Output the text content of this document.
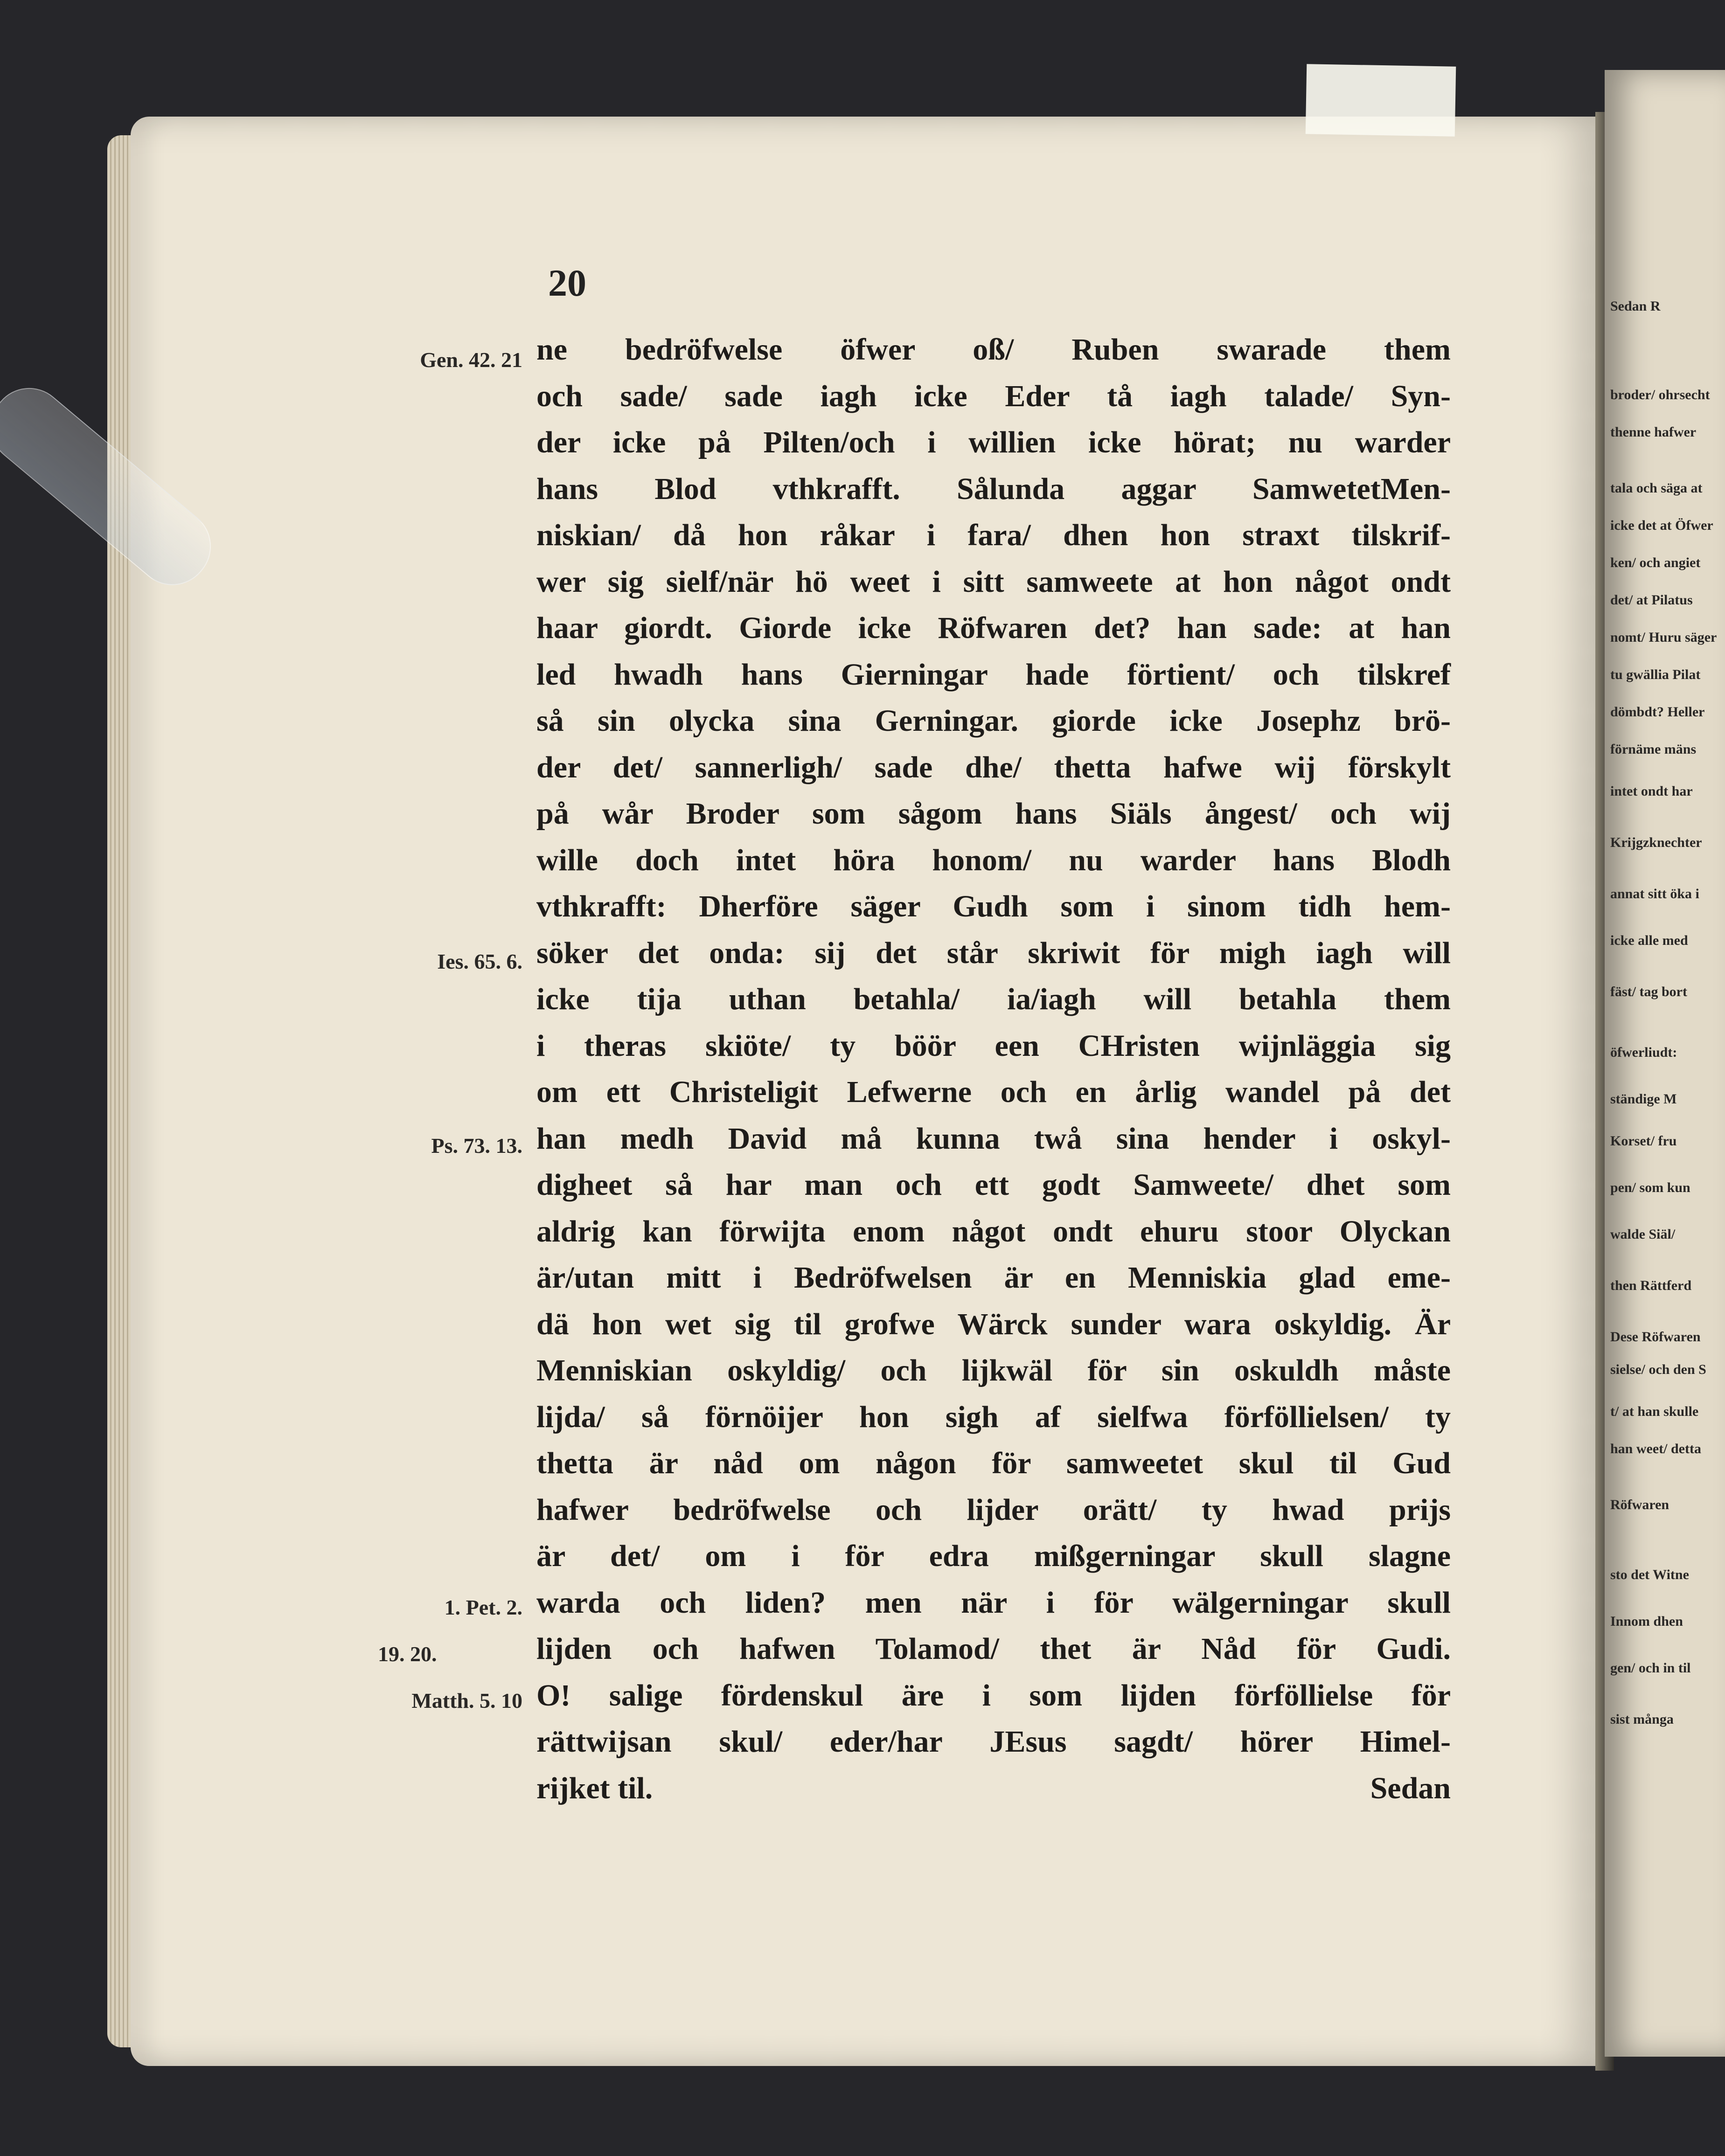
20
Gen. 42. 21
Ies. 65. 6.
Ps. 73. 13.
1. Pet. 2.
19. 20.
Matth. 5. 10
ne bedröfwelse öfwer oß/ Ruben swarade them
och sade/ sade iagh icke Eder tå iagh talade/ Syn-
der icke på Pilten/och i willien icke hörat; nu warder
hans Blod vthkrafft. Sålunda aggar SamwetetMen-
niskian/ då hon råkar i fara/ dhen hon straxt tilskrif-
wer sig sielf/när hö weet i sitt samweete at hon något ondt
haar giordt. Giorde icke Röfwaren det? han sade: at han
led hwadh hans Gierningar hade förtient/ och tilskref
så sin olycka sina Gerningar. giorde icke Josephz brö-
der det/ sannerligh/ sade dhe/ thetta hafwe wij förskylt
på wår Broder som sågom hans Siäls ångest/ och wij
wille doch intet höra honom/ nu warder hans Blodh
vthkrafft: Dherföre säger Gudh som i sinom tidh hem-
söker det onda: sij det står skriwit för migh iagh will
icke tija uthan betahla/ ia/iagh will betahla them
i theras skiöte/ ty böör een CHristen wijnläggia sig
om ett Christeligit Lefwerne och en årlig wandel på det
han medh David må kunna twå sina hender i oskyl-
digheet så har man och ett godt Samweete/ dhet som
aldrig kan förwijta enom något ondt ehuru stoor Olyckan
är/utan mitt i Bedröfwelsen är en Menniskia glad eme-
dä hon wet sig til grofwe Wärck sunder wara oskyldig. Är
Menniskian oskyldig/ och lijkwäl för sin oskuldh måste
lijda/ så förnöijer hon sigh af sielfwa förföllielsen/ ty
thetta är nåd om någon för samweetet skul til Gud
hafwer bedröfwelse och lijder orätt/ ty hwad prijs
är det/ om i för edra mißgerningar skull slagne
warda och liden? men när i för wälgerningar skull
lijden och hafwen Tolamod/ thet är Nåd för Gudi.
O! salige fördenskul äre i som lijden förföllielse för
rättwijsan skul/ eder/har JEsus sagdt/ hörer Himel-
rijket til.	Sedan
Sedan R
broder/ ohrsecht
thenne hafwer
tala och säga at
icke det at Öfwer
ken/ och angiet
det/ at Pilatus
nomt/ Huru säger
tu gwällia Pilat
dömbdt? Heller
förnäme mäns
intet ondt har
Krijgzknechter
annat sitt öka i
icke alle med
fäst/ tag bort
öfwerliudt:
ständige M
Korset/ fru
pen/ som kun
walde Siäl/
then Rättferd
Dese Röfwaren
sielse/ och den S
t/ at han skulle
han weet/ detta
Röfwaren
sto det Witne
Innom dhen
gen/ och in til
sist många
